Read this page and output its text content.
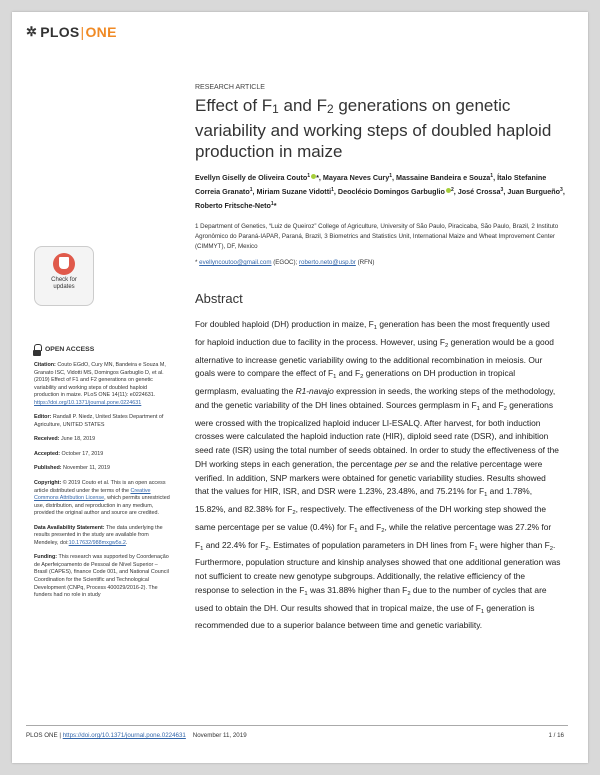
✲ PLOS | ONE
RESEARCH ARTICLE
Effect of $F_1$ and $F_2$ generations on genetic variability and working steps of doubled haploid production in maize
Evellyn Giselly de Oliveira Couto$^1$ *, Mayara Neves Cury$^1$, Massaine Bandeira e Souza$^1$, Ítalo Stefanine Correia Granato$^1$, Miriam Suzane Vidotti$^1$, Deoclécio Domingos Garbuglio $^2$, José Crossa$^3$, Juan Burgueño$^3$, Roberto Fritsche-Neto$^1$*
1 Department of Genetics, “Luiz de Queiroz” College of Agriculture, University of São Paulo, Piracicaba, São Paulo, Brazil, 2 Instituto Agronômico do Paraná-IAPAR, Paraná, Brazil, 3 Biometrics and Statistics Unit, International Maize and Wheat Improvement Center (CIMMYT), DF, Mexico
* evellyncoutoo@gmail.com (EGOC); roberto.neto@usp.br (RFN)
Check for
updates
OPEN ACCESS
Citation: Couto EGdO, Cury MN, Bandeira e Souza M, Granato ISC, Vidotti MS, Domingos Garbuglio D, et al. (2019) Effect of F1 and F2 generations on genetic variability and working steps of doubled haploid production in maize. PLoS ONE 14(11): e0224631. https://doi.org/10.1371/journal.pone.0224631
Editor: Randall P. Niedz, United States Department of Agriculture, UNITED STATES
Received: June 18, 2019
Accepted: October 17, 2019
Published: November 11, 2019
Copyright: © 2019 Couto et al. This is an open access article distributed under the terms of the Creative Commons Attribution License, which permits unrestricted use, distribution, and reproduction in any medium, provided the original author and source are credited.
Data Availability Statement: The data underlying the results presented in the study are available from Mendeley, doi:10.17632/988mxgw5s.2.
Funding: This research was supported by Coordenação de Aperfeiçoamento de Pessoal de Nível Superior – Brasil (CAPES), finance Code 001, and National Council Coordination for the Scientific and Technological Development (CNPq, Process 400029/2016-2). The funders had no role in study
Abstract
For doubled haploid (DH) production in maize, $F_1$ generation has been the most frequently used for haploid induction due to facility in the process. However, using $F_2$ generation would be a good alternative to increase genetic variability owing to the additional recombination in meiosis. Our goals were to compare the effect of $F_1$ and $F_2$ generations on DH production in tropical germplasm, evaluating the R1-navajo expression in seeds, the working steps of the methodology, and the genetic variability of the DH lines obtained. Sources germplasm in $F_1$ and $F_2$ generations were crossed with the tropicalized haploid inducer LI-ESALQ. After harvest, for both induction crosses were calculated the haploid induction rate (HIR), diploid seed rate (DSR), and inhibition seed rate (ISR) using the total number of seeds obtained. In order to study the effectiveness of the DH working steps in each generation, the percentage per se and the relative percentage were verified. In addition, SNP markers were obtained for genetic variability studies. Results showed that the values for HIR, ISR, and DSR were 1.23%, 23.48%, and 75.21% for $F_1$ and 1.78%, 15.82%, and 82.38% for $F_2$, respectively. The effectiveness of the DH working step showed the same percentage per se value (0.4%) for $F_1$ and $F_2$, while the relative percentage was 27.2% for $F_1$ and 22.4% for $F_2$. Estimates of population parameters in DH lines from $F_1$ were higher than $F_2$. Furthermore, population structure and kinship analyses showed that one additional generation was not sufficient to create new genotype subgroups. Additionally, the relative efficiency of the response to selection in the $F_1$ was 31.88% higher than $F_2$ due to the number of cycles that are used to obtain the DH. Our results showed that in tropical maize, the use of $F_1$ generation is recommended due to a superior balance between time and genetic variability.
PLOS ONE | https://doi.org/10.1371/journal.pone.0224631 November 11, 2019	1 / 16
